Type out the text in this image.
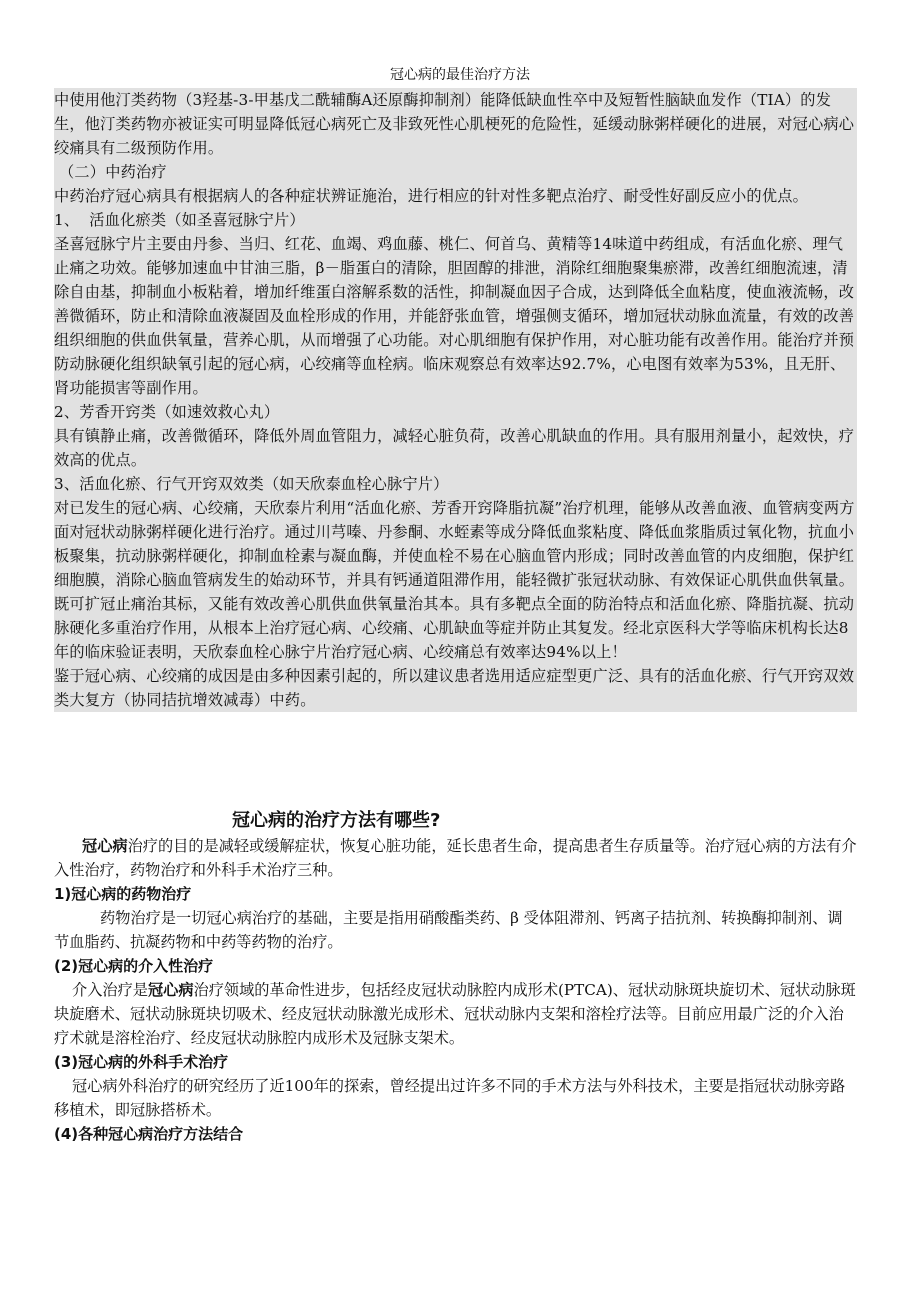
冠心病的最佳治疗方法

中使用他汀类药物（3羟基-3-甲基戊二酰辅酶A还原酶抑制剂）能降低缺血性卒中及短暂性脑缺血发作（TIA）的发生，他汀类药物亦被证实可明显降低冠心病死亡及非致死性心肌梗死的危险性，延缓动脉粥样硬化的进展，对冠心病心绞痛具有二级预防作用。

（二）中药治疗

中药治疗冠心病具有根据病人的各种症状辨证施治，进行相应的针对性多靶点治疗、耐受性好副反应小的优点。

1、  活血化瘀类（如圣喜冠脉宁片）

圣喜冠脉宁片主要由丹参、当归、红花、血竭、鸡血藤、桃仁、何首乌、黄精等14味道中药组成，有活血化瘀、理气止痛之功效。能够加速血中甘油三脂，β－脂蛋白的清除，胆固醇的排泄，消除红细胞聚集瘀滞，改善红细胞流速，清除自由基，抑制血小板粘着，增加纤维蛋白溶解系数的活性，抑制凝血因子合成，达到降低全血粘度，使血液流畅，改善微循环，防止和清除血液凝固及血栓形成的作用，并能舒张血管，增强侧支循环，增加冠状动脉血流量，有效的改善组织细胞的供血供氧量，营养心肌，从而增强了心功能。对心肌细胞有保护作用，对心脏功能有改善作用。能治疗并预防动脉硬化组织缺氧引起的冠心病，心绞痛等血栓病。临床观察总有效率达92.7%，心电图有效率为53%，且无肝、肾功能损害等副作用。

2、芳香开窍类（如速效救心丸）

具有镇静止痛，改善微循环，降低外周血管阻力，减轻心脏负荷，改善心肌缺血的作用。具有服用剂量小，起效快，疗效高的优点。

3、活血化瘀、行气开窍双效类（如天欣泰血栓心脉宁片）

对已发生的冠心病、心绞痛，天欣泰片利用“活血化瘀、芳香开窍降脂抗凝”治疗机理，能够从改善血液、血管病变两方面对冠状动脉粥样硬化进行治疗。通过川芎嗪、丹参酮、水蛭素等成分降低血浆粘度、降低血浆脂质过氧化物，抗血小板聚集，抗动脉粥样硬化，抑制血栓素与凝血酶，并使血栓不易在心脑血管内形成；同时改善血管的内皮细胞，保护红细胞膜，消除心脑血管病发生的始动环节，并具有钙通道阻滞作用，能轻微扩张冠状动脉、有效保证心肌供血供氧量。既可扩冠止痛治其标，又能有效改善心肌供血供氧量治其本。具有多靶点全面的防治特点和活血化瘀、降脂抗凝、抗动脉硬化多重治疗作用，从根本上治疗冠心病、心绞痛、心肌缺血等症并防止其复发。经北京医科大学等临床机构长达8年的临床验证表明，天欣泰血栓心脉宁片治疗冠心病、心绞痛总有效率达94%以上！

鉴于冠心病、心绞痛的成因是由多种因素引起的，所以建议患者选用适应症型更广泛、具有的活血化瘀、行气开窍双效类大复方（协同拮抗增效减毒）中药。

冠心病的治疗方法有哪些?

冠心病治疗的目的是减轻或缓解症状，恢复心脏功能，延长患者生命，提高患者生存质量等。治疗冠心病的方法有介入性治疗，药物治疗和外科手术治疗三种。

1)冠心病的药物治疗

药物治疗是一切冠心病治疗的基础，主要是指用硝酸酯类药、β 受体阻滞剂、钙离子拮抗剂、转换酶抑制剂、调节血脂药、抗凝药物和中药等药物的治疗。

(2)冠心病的介入性治疗

介入治疗是冠心病治疗领域的革命性进步，包括经皮冠状动脉腔内成形术(PTCA)、冠状动脉斑块旋切术、冠状动脉斑块旋磨术、冠状动脉斑块切吸术、经皮冠状动脉激光成形术、冠状动脉内支架和溶栓疗法等。目前应用最广泛的介入治疗术就是溶栓治疗、经皮冠状动脉腔内成形术及冠脉支架术。

(3)冠心病的外科手术治疗

冠心病外科治疗的研究经历了近100年的探索，曾经提出过许多不同的手术方法与外科技术，主要是指冠状动脉旁路移植术，即冠脉搭桥术。

(4)各种冠心病治疗方法结合
